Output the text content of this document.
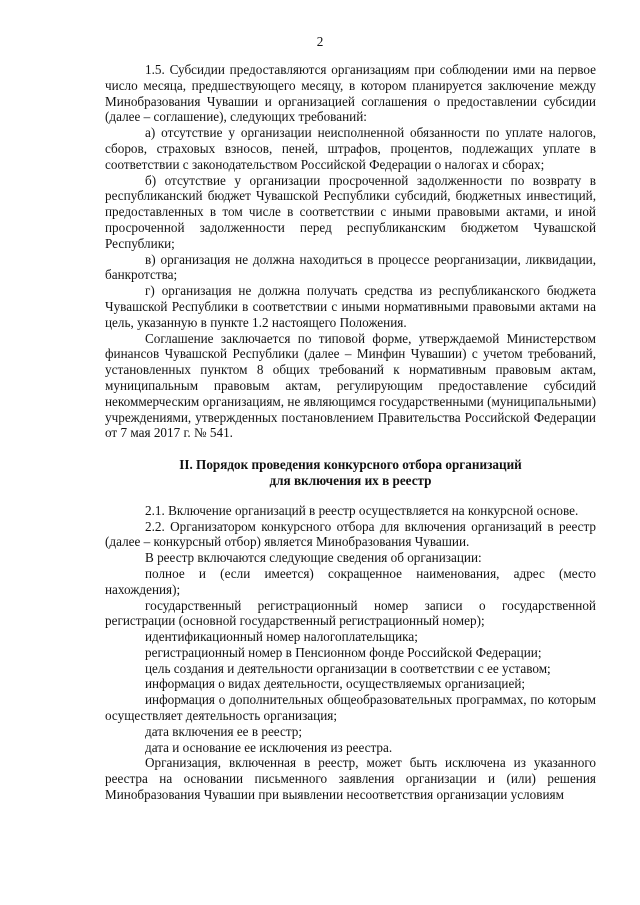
2

1.5. Субсидии предоставляются организациям при соблюдении ими на первое число месяца, предшествующего месяцу, в котором планируется заключение между Минобразования Чувашии и организацией соглашения о предоставлении субсидии (далее – соглашение), следующих требований:

а) отсутствие у организации неисполненной обязанности по уплате налогов, сборов, страховых взносов, пеней, штрафов, процентов, подлежащих уплате в соответствии с законодательством Российской Федерации о налогах и сборах;

б) отсутствие у организации просроченной задолженности по возврату в республиканский бюджет Чувашской Республики субсидий, бюджетных инвестиций, предоставленных в том числе в соответствии с иными правовыми актами, и иной просроченной задолженности перед республиканским бюджетом Чувашской Республики;

в) организация не должна находиться в процессе реорганизации, ликвидации, банкротства;

г) организация не должна получать средства из республиканского бюджета Чувашской Республики в соответствии с иными нормативными правовыми актами на цель, указанную в пункте 1.2 настоящего Положения.

Соглашение заключается по типовой форме, утверждаемой Министерством финансов Чувашской Республики (далее – Минфин Чувашии) с учетом требований, установленных пунктом 8 общих требований к нормативным правовым актам, муниципальным правовым актам, регулирующим предоставление субсидий некоммерческим организациям, не являющимся государственными (муниципальными) учреждениями, утвержденных постановлением Правительства Российской Федерации от 7 мая 2017 г. № 541.

II. Порядок проведения конкурсного отбора организаций
для включения их в реестр

2.1. Включение организаций в реестр осуществляется на конкурсной основе.

2.2. Организатором конкурсного отбора для включения организаций в реестр (далее – конкурсный отбор) является Минобразования Чувашии.

В реестр включаются следующие сведения об организации:

полное и (если имеется) сокращенное наименования, адрес (место нахождения);

государственный регистрационный номер записи о государственной регистрации (основной государственный регистрационный номер);

идентификационный номер налогоплательщика;

регистрационный номер в Пенсионном фонде Российской Федерации;

цель создания и деятельности организации в соответствии с ее уставом;

информация о видах деятельности, осуществляемых организацией;

информация о дополнительных общеобразовательных программах, по которым осуществляет деятельность организация;

дата включения ее в реестр;

дата и основание ее исключения из реестра.

Организация, включенная в реестр, может быть исключена из указанного реестра на основании письменного заявления организации и (или) решения Минобразования Чувашии при выявлении несоответствия организации условиям
